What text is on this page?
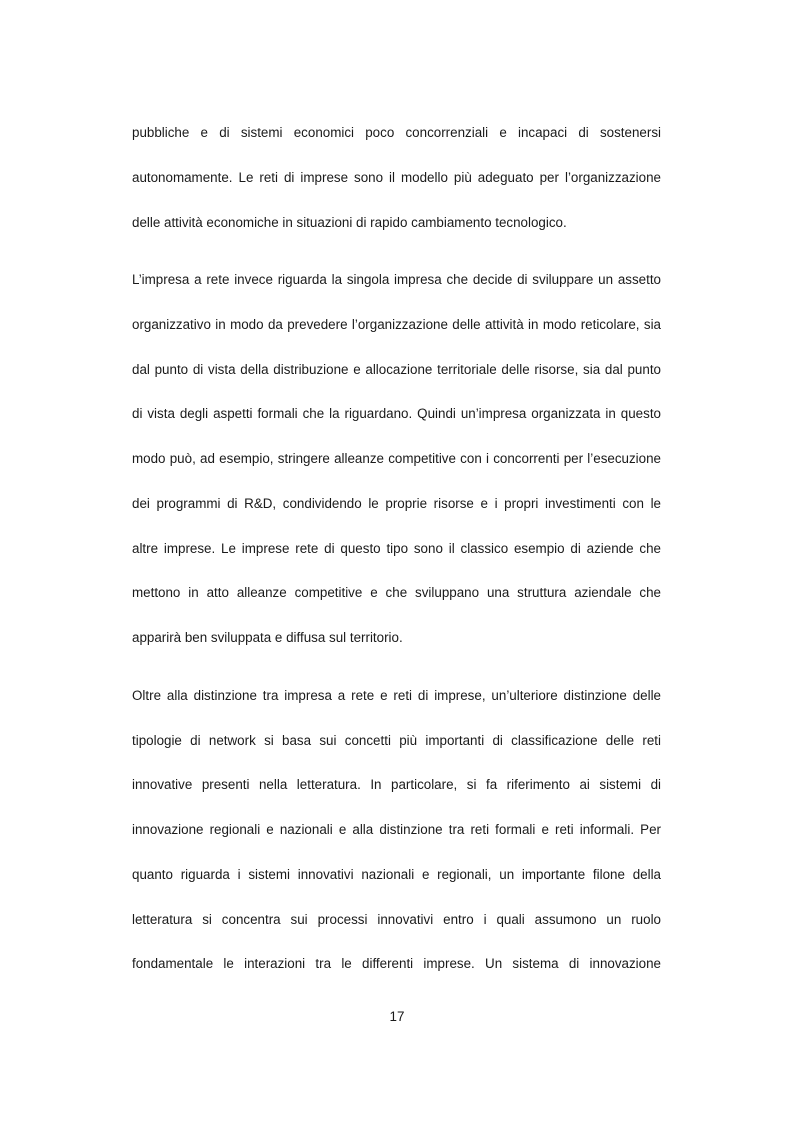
pubbliche e di sistemi economici poco concorrenziali e incapaci di sostenersi
autonomamente. Le reti di imprese sono il modello più adeguato per l’organizzazione
delle attività economiche in situazioni di rapido cambiamento tecnologico.
L’impresa a rete invece riguarda la singola impresa che decide di sviluppare un assetto
organizzativo in modo da prevedere l’organizzazione delle attività in modo reticolare, sia
dal punto di vista della distribuzione e allocazione territoriale delle risorse, sia dal punto
di vista degli aspetti formali che la riguardano. Quindi un’impresa organizzata in questo
modo può, ad esempio, stringere alleanze competitive con i concorrenti per l’esecuzione
dei programmi di R&D, condividendo le proprie risorse e i propri investimenti con le
altre imprese. Le imprese rete di questo tipo sono il classico esempio di aziende che
mettono in atto alleanze competitive e che sviluppano una struttura aziendale che
apparirà ben sviluppata e diffusa sul territorio.
Oltre alla distinzione tra impresa a rete e reti di imprese, un’ulteriore distinzione delle
tipologie di network si basa sui concetti più importanti di classificazione delle reti
innovative presenti nella letteratura. In particolare, si fa riferimento ai sistemi di
innovazione regionali e nazionali e alla distinzione tra reti formali e reti informali. Per
quanto riguarda i sistemi innovativi nazionali e regionali, un importante filone della
letteratura si concentra sui processi innovativi entro i quali assumono un ruolo
fondamentale le interazioni tra le differenti imprese. Un sistema di innovazione
17
